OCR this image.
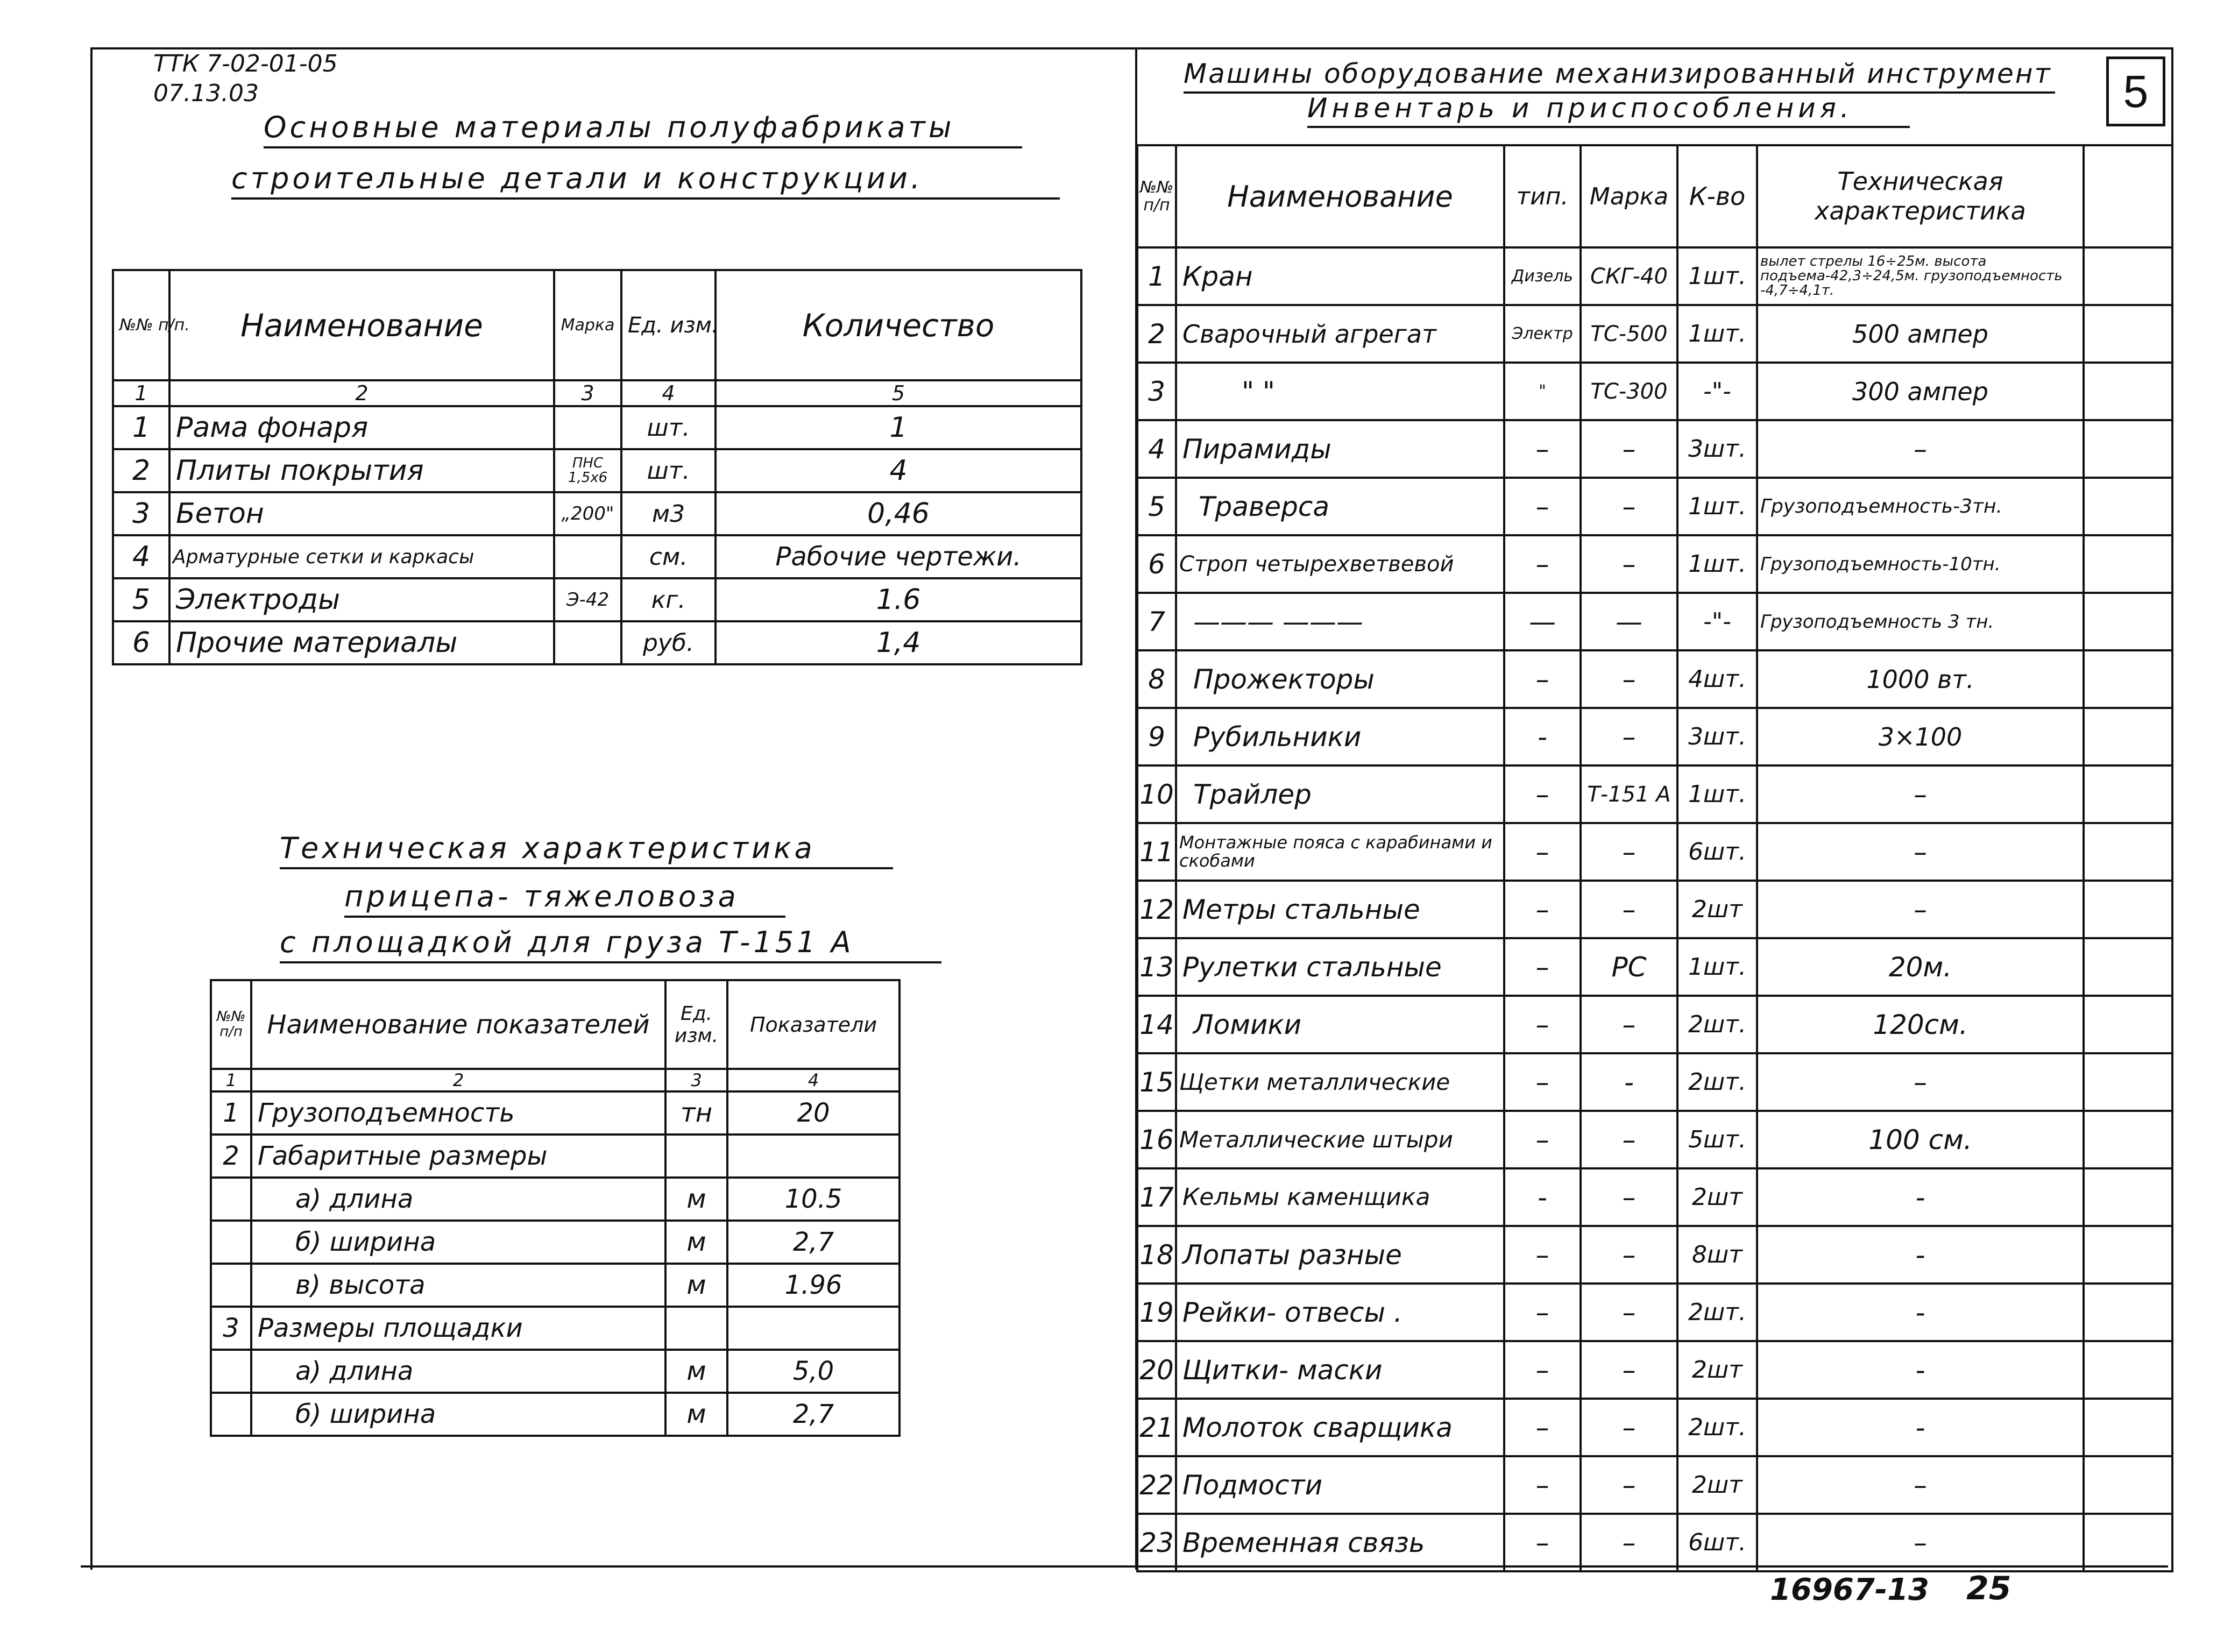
ТТК 7-02-01-05
07.13.03
Основные материалы полуфабрикаты
строительные детали и конструкции.
№№ п/п.	Наименование	Марка	Ед. изм.	Количество
1	2	3	4	5
1	Рама фонаря		шт.	1
2	Плиты покрытия	ПНС 1,5х6	шт.	4
3	Бетон	„200"	м3	0,46
4	Арматурные сетки и каркасы		см.	Рабочие чертежи.
5	Электроды	Э-42	кг.	1.6
6	Прочие материалы		руб.	1,4
Техническая характеристика
прицепа- тяжеловоза
с площадкой для груза Т-151 А
№№ п/п	Наименование показателей	Ед. изм.	Показатели
1	2	3	4
1	Грузоподъемность	тн	20
2	Габаритные размеры		
	а) длина	м	10.5
	б) ширина	м	2,7
	в) высота	м	1.96
3	Размеры площадки		
	а) длина	м	5,0
	б) ширина	м	2,7
Машины оборудование механизированный инструмент
Инвентарь и приспособления.	5
№№ п/п	Наименование	тип.	Марка	К-во	Техническая характеристика	
1	Кран	Дизель	СКГ-40	1шт.	вылет стрелы 16÷25м. высота подъема-42,3÷24,5м. грузоподъемность -4,7÷4,1т.	
2	Сварочный агрегат	Электр	ТС-500	1шт.	500 ампер	
3	" "	"	ТС-300	-"-	300 ампер	
4	Пирамиды	–	–	3шт.	–	
5	Траверса	–	–	1шт.	Грузоподъемность-3тн.	
6	Строп четырехветвевой	–	–	1шт.	Грузоподъемность-10тн.	
7	——— ———	—	—	-"-	Грузоподъемность 3 тн.	
8	Прожекторы	–	–	4шт.	1000 вт.	
9	Рубильники	-	–	3шт.	3×100	
10	Трайлер	–	Т-151 А	1шт.	–	
11	Монтажные пояса с карабинами и скобами	–	–	6шт.	–	
12	Метры стальные	–	–	2шт	–	
13	Рулетки стальные	–	РС	1шт.	20м.	
14	Ломики	–	–	2шт.	120см.	
15	Щетки металлические	–	-	2шт.	–	
16	Металлические штыри	–	–	5шт.	100 см.	
17	Кельмы каменщика	-	–	2шт	-	
18	Лопаты разные	–	–	8шт	-	
19	Рейки- отвесы .	–	–	2шт.	-	
20	Щитки- маски	–	–	2шт	-	
21	Молоток сварщика	–	–	2шт.	-	
22	Подмости	–	–	2шт	–	
23	Временная связь	–	–	6шт.	–	
16967-13 25
